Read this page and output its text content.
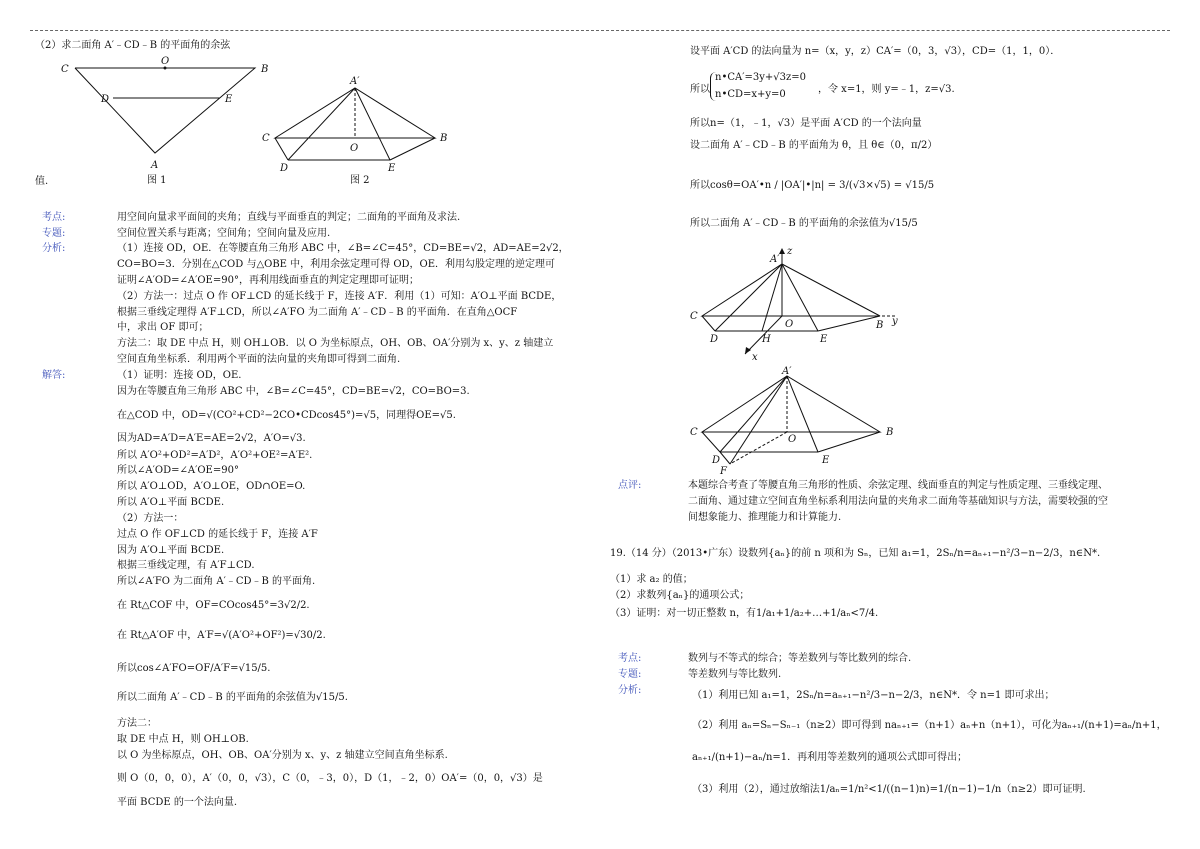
（2）求二面角 A′﹣CD﹣B 的平面角的余弦
C
O
B
D	E
A
图 1
A′
C	B
O
D	E
图 2
值.
考点:	用空间向量求平面间的夹角；直线与平面垂直的判定；二面角的平面角及求法.
专题:	空间位置关系与距离；空间角；空间向量及应用.
分析:	（1）连接 OD，OE．在等腰直角三角形 ABC 中，∠B=∠C=45°，CD=BE=√2，AD=AE=2√2，
CO=BO=3．分别在△COD 与△OBE 中，利用余弦定理可得 OD，OE．利用勾股定理的逆定理可
证明∠A′OD=∠A′OE=90°，再利用线面垂直的判定定理即可证明；
（2）方法一：过点 O 作 OF⊥CD 的延长线于 F，连接 A′F．利用（1）可知：A′O⊥平面 BCDE，
根据三垂线定理得 A′F⊥CD，所以∠A′FO 为二面角 A′﹣CD﹣B 的平面角．在直角△OCF
中，求出 OF 即可；
方法二：取 DE 中点 H，则 OH⊥OB．以 O 为坐标原点，OH、OB、OA′分别为 x、y、z 轴建立
空间直角坐标系．利用两个平面的法向量的夹角即可得到二面角.
解答:	（1）证明：连接 OD，OE.
因为在等腰直角三角形 ABC 中，∠B=∠C=45°，CD=BE=√2，CO=BO=3.
在△COD 中，OD=√(CO²+CD²−2CO•CDcos45°)=√5，同理得OE=√5.
因为AD=A′D=A′E=AE=2√2，A′O=√3.
所以 A′O²+OD²=A′D²，A′O²+OE²=A′E².
所以∠A′OD=∠A′OE=90°
所以 A′O⊥OD，A′O⊥OE，OD∩OE=O.
所以 A′O⊥平面 BCDE.
（2）方法一：
过点 O 作 OF⊥CD 的延长线于 F，连接 A′F
因为 A′O⊥平面 BCDE.
根据三垂线定理，有 A′F⊥CD.
所以∠A′FO 为二面角 A′﹣CD﹣B 的平面角.
在 Rt△COF 中，OF=COcos45°=3√2/2.
在 Rt△A′OF 中，A′F=√(A′O²+OF²)=√30/2.
所以cos∠A′FO=OF/A′F=√15/5.
所以二面角 A′﹣CD﹣B 的平面角的余弦值为√15/5.
方法二：
取 DE 中点 H，则 OH⊥OB.
以 O 为坐标原点，OH、OB、OA′分别为 x、y、z 轴建立空间直角坐标系.
则 O（0，0，0），A′（0，0，√3），C（0，﹣3，0），D（1，﹣2，0）OA′=（0，0，√3）是
平面 BCDE 的一个法向量.
设平面 A′CD 的法向量为 n=（x，y，z）CA′=（0，3，√3），CD=（1，1，0）．
所以
n•CA′=3y+√3z=0
n•CD=x+y=0	，令 x=1，则 y=﹣1，z=√3.
所以n=（1，﹣1，√3）是平面 A′CD 的一个法向量
设二面角 A′﹣CD﹣B 的平面角为 θ，且 θ∈（0，π/2）
所以cosθ=OA′•n / |OA′|•|n| = 3/(√3×√5) = √15/5
所以二面角 A′﹣CD﹣B 的平面角的余弦值为√15/5
z
A′
C
O	B y
D	H	E
x
A′
C
O
B
D	E
F
点评:	本题综合考查了等腰直角三角形的性质、余弦定理、线面垂直的判定与性质定理、三垂线定理、
二面角、通过建立空间直角坐标系利用法向量的夹角求二面角等基础知识与方法，需要较强的空
间想象能力、推理能力和计算能力.
19.（14 分）（2013•广东）设数列{aₙ}的前 n 项和为 Sₙ，已知 a₁=1，2Sₙ/n=aₙ₊₁−n²/3−n−2/3，n∈N*.
（1）求 a₂ 的值；
（2）求数列{aₙ}的通项公式；
（3）证明：对一切正整数 n，有1/a₁+1/a₂+…+1/aₙ<7/4.
考点:	数列与不等式的综合；等差数列与等比数列的综合.
专题:	等差数列与等比数列.
分析:	（1）利用已知 a₁=1，2Sₙ/n=aₙ₊₁−n²/3−n−2/3，n∈N*．令 n=1 即可求出；
（2）利用 aₙ=Sₙ−Sₙ₋₁（n≥2）即可得到 naₙ₊₁=（n+1）aₙ+n（n+1），可化为aₙ₊₁/(n+1)=aₙ/n+1，
aₙ₊₁/(n+1)−aₙ/n=1．再利用等差数列的通项公式即可得出；
（3）利用（2），通过放缩法1/aₙ=1/n²<1/((n−1)n)=1/(n−1)−1/n（n≥2）即可证明.
